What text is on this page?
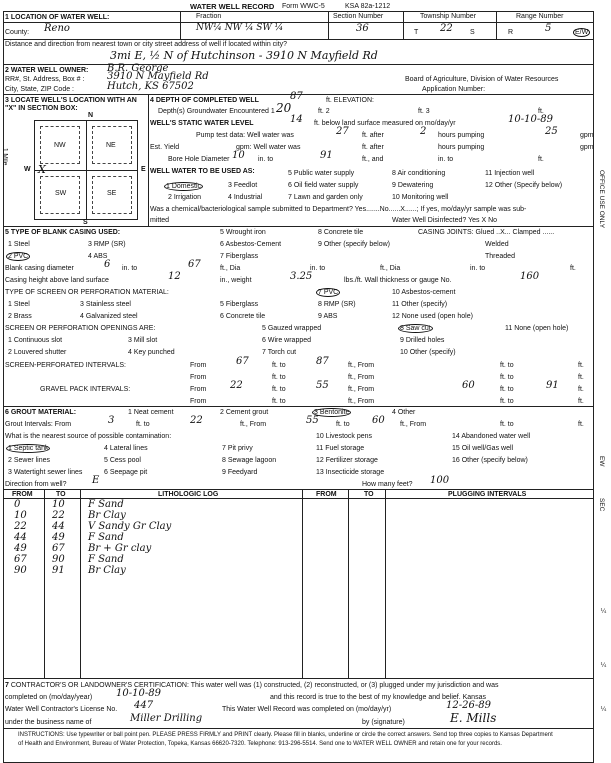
WATER WELL RECORD Form WWC-5	KSA 82a-1212
1 LOCATION OF WATER WELL:	Fraction	Section Number	Township Number	Range Number
County: Reno	NW¼ NW ¼ SW ¼	36	T 22 S	R	5	E/W
Distance and direction from nearest town or city street address of well if located within city?
3mi E, ½ N of Hutchinson - 3910 N Mayfield Rd
2 WATER WELL OWNER: B.R. George
RR#, St. Address, Box # : 3910 N Mayfield Rd
City, State, ZIP Code :	Hutch, KS 67502
Board of Agriculture, Division of Water Resources
Application Number:
3 LOCATE WELL'S LOCATION WITH AN "X" IN SECTION BOX:
N
1 Mile
W	E
NW	NE
SW	SE
X
S
4 DEPTH OF COMPLETED WELL	87	ft. ELEVATION:
Depth(s) Groundwater Encountered 1 20	ft. 2	ft. 3	ft.
WELL'S STATIC WATER LEVEL	14 ft. below land surface measured on mo/day/yr	10-10-89
Pump test data: Well water was	27 ft. after	2 hours pumping	25	gpm
Est. Yield	gpm: Well water was	ft. after	hours pumping	gpm
Bore Hole Diameter 10 in. to	91	ft., and	in. to	ft.
WELL WATER TO BE USED AS:
1 Domestic	3 Feedlot
5 Public water supply	8 Air conditioning	11 Injection well
2 Irrigation	4 Industrial
6 Oil field water supply	9 Dewatering	12 Other (Specify below)
7 Lawn and garden only	10 Monitoring well
Was a chemical/bacteriological sample submitted to Department? Yes.......No......X......; If yes, mo/day/yr sample was sub-
mitted	Water Well Disinfected? Yes X No
5 TYPE OF BLANK CASING USED:	CASING JOINTS: Glued ..X... Clamped ......
1 Steel	3 RMP (SR)
5 Wrought iron	8 Concrete tile
2 PVC	4 ABS
6 Asbestos-Cement	9 Other (specify below)
7 Fiberglass
Welded
Threaded
Blank casing diameter	6 in. to	67	ft., Dia	in. to	ft., Dia	in. to	ft.
Casing height above land surface	12	in., weight	3.25	lbs./ft. Wall thickness or gauge No.	160
TYPE OF SCREEN OR PERFORATION MATERIAL:
1 Steel	3 Stainless steel	5 Fiberglass
7 PVC	10 Asbestos-cement
2 Brass	4 Galvanized steel	6 Concrete tile
8 RMP (SR)	11 Other (specify)
9 ABS	12 None used (open hole)
SCREEN OR PERFORATION OPENINGS ARE:	5 Gauzed wrapped	8 Saw cut	11 None (open hole)
1 Continuous slot	3 Mill slot	6 Wire wrapped	9 Drilled holes
2 Louvered shutter	4 Key punched	7 Torch cut	10 Other (specify)
SCREEN-PERFORATED INTERVALS:	From	67	ft. to	87	ft., From	ft. to	ft.
From	ft. to	ft., From	ft. to	ft.
GRAVEL PACK INTERVALS:	From 22	ft. to	55	ft., From	60	ft. to	91	ft.
From	ft. to	ft., From	ft. to	ft.
6 GROUT MATERIAL:	1 Neat cement	2 Cement grout	3 Bentonite	4 Other
Grout Intervals: From	3	ft. to	22	ft., From	55 ft. to 60 ft., From	ft. to	ft.
What is the nearest source of possible contamination:
1 Septic tank	4 Lateral lines	7 Pit privy
10 Livestock pens	14 Abandoned water well
2 Sewer lines	5 Cess pool	8 Sewage lagoon
11 Fuel storage	15 Oil well/Gas well
3 Watertight sewer lines	6 Seepage pit	9 Feedyard
12 Fertilizer storage	16 Other (specify below)
13 Insecticide storage
Direction from well?	E	How many feet? 100
FROM	TO	LITHOLOGIC LOG	FROM	TO	PLUGGING INTERVALS
0	10 F Sand
10	22 Br Clay
22	44 V Sandy Gr Clay
44	49 F Sand
49	67 Br + Gr clay
67	90 F Sand
90	91 Br Clay
7 CONTRACTOR'S OR LANDOWNER'S CERTIFICATION: This water well was (1) constructed, (2) reconstructed, or (3) plugged under my jurisdiction and was
completed on (mo/day/year) 10-10-89	and this record is true to the best of my knowledge and belief. Kansas
Water Well Contractor's License No. 447	This Water Well Record was completed on (mo/day/yr)	12-26-89
under the business name of	Miller Drilling	by (signature)	E. Mills
INSTRUCTIONS: Use typewriter or ball point pen. PLEASE PRESS FIRMLY and PRINT clearly. Please fill in blanks, underline or circle the correct answers. Send top three copies to Kansas Department
of Health and Environment, Bureau of Water Protection, Topeka, Kansas 66620-7320. Telephone: 913-296-5514. Send one to WATER WELL OWNER and retain one for your records.
OFFICE USE ONLY
EW
SEC
¼
¼
¼
